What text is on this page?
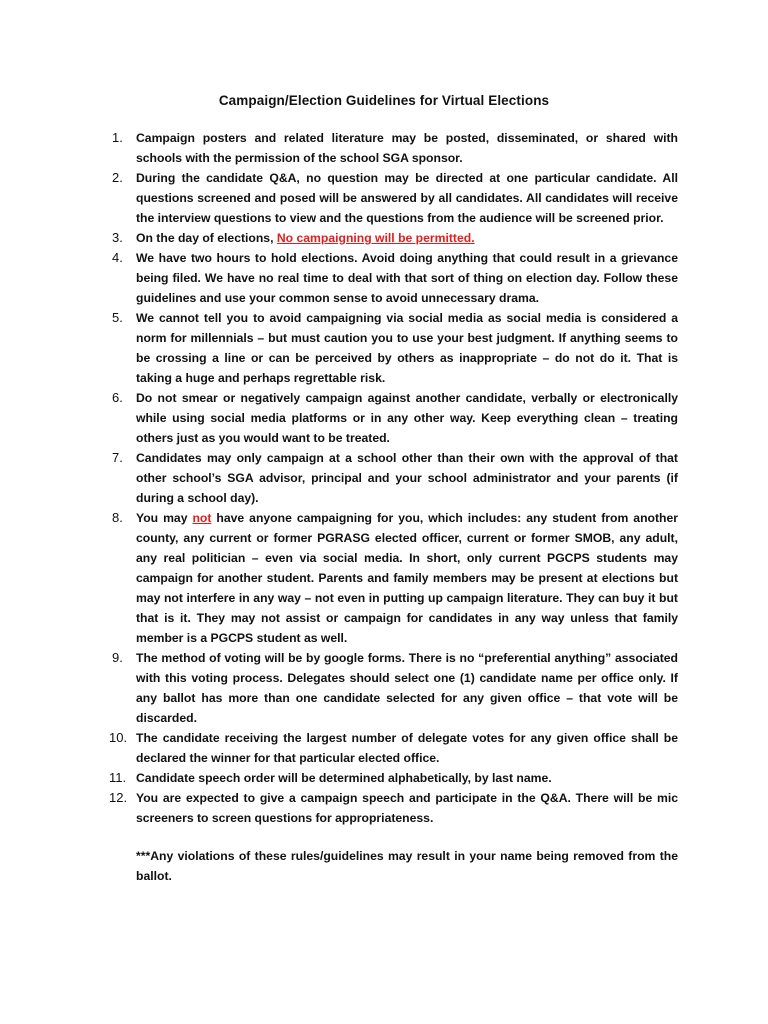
Campaign/Election Guidelines for Virtual Elections
1. Campaign posters and related literature may be posted, disseminated, or shared with schools with the permission of the school SGA sponsor.
2. During the candidate Q&A, no question may be directed at one particular candidate. All questions screened and posed will be answered by all candidates. All candidates will receive the interview questions to view and the questions from the audience will be screened prior.
3. On the day of elections, No campaigning will be permitted.
4. We have two hours to hold elections. Avoid doing anything that could result in a grievance being filed. We have no real time to deal with that sort of thing on election day. Follow these guidelines and use your common sense to avoid unnecessary drama.
5. We cannot tell you to avoid campaigning via social media as social media is considered a norm for millennials – but must caution you to use your best judgment. If anything seems to be crossing a line or can be perceived by others as inappropriate – do not do it. That is taking a huge and perhaps regrettable risk.
6. Do not smear or negatively campaign against another candidate, verbally or electronically while using social media platforms or in any other way. Keep everything clean – treating others just as you would want to be treated.
7. Candidates may only campaign at a school other than their own with the approval of that other school’s SGA advisor, principal and your school administrator and your parents (if during a school day).
8. You may not have anyone campaigning for you, which includes: any student from another county, any current or former PGRASG elected officer, current or former SMOB, any adult, any real politician – even via social media. In short, only current PGCPS students may campaign for another student. Parents and family members may be present at elections but may not interfere in any way – not even in putting up campaign literature. They can buy it but that is it. They may not assist or campaign for candidates in any way unless that family member is a PGCPS student as well.
9. The method of voting will be by google forms. There is no “preferential anything” associated with this voting process. Delegates should select one (1) candidate name per office only. If any ballot has more than one candidate selected for any given office – that vote will be discarded.
10. The candidate receiving the largest number of delegate votes for any given office shall be declared the winner for that particular elected office.
11. Candidate speech order will be determined alphabetically, by last name.
12. You are expected to give a campaign speech and participate in the Q&A. There will be mic screeners to screen questions for appropriateness.

***Any violations of these rules/guidelines may result in your name being removed from the ballot.
